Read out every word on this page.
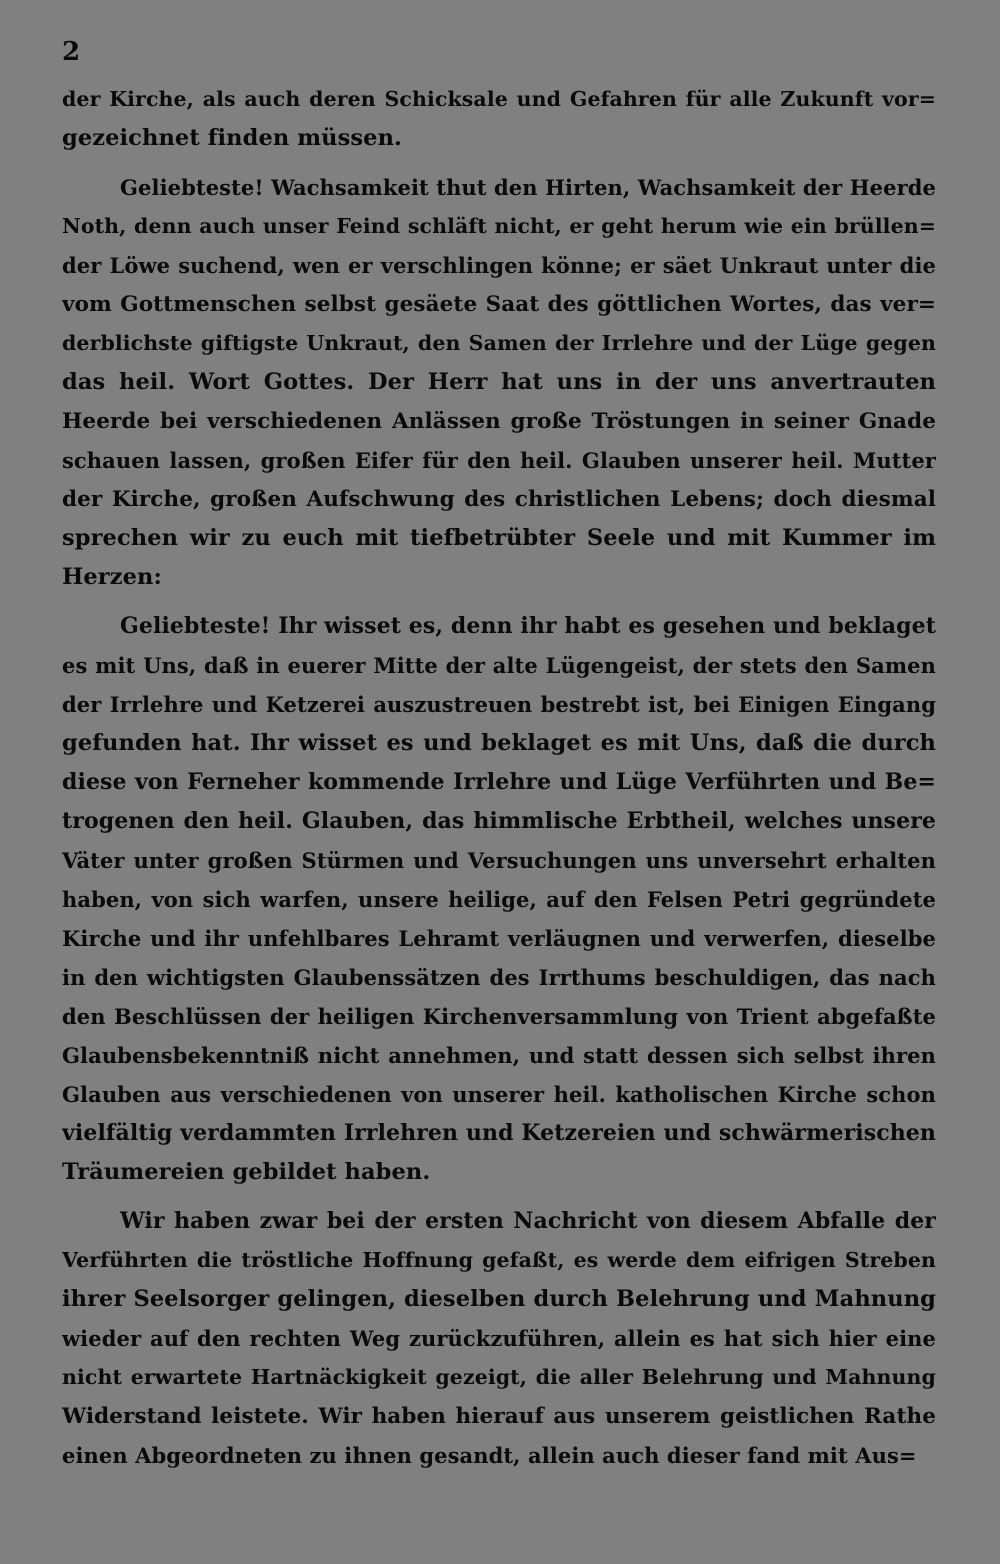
2
der Kirche, als auch deren Schicksale und Gefahren für alle Zukunft vor=
gezeichnet finden müssen.
Geliebteste! Wachsamkeit thut den Hirten, Wachsamkeit der Heerde
Noth, denn auch unser Feind schläft nicht, er geht herum wie ein brüllen=
der Löwe suchend, wen er verschlingen könne; er säet Unkraut unter die
vom Gottmenschen selbst gesäete Saat des göttlichen Wortes, das ver=
derblichste giftigste Unkraut, den Samen der Irrlehre und der Lüge gegen
das heil. Wort Gottes. Der Herr hat uns in der uns anvertrauten
Heerde bei verschiedenen Anlässen große Tröstungen in seiner Gnade
schauen lassen, großen Eifer für den heil. Glauben unserer heil. Mutter
der Kirche, großen Aufschwung des christlichen Lebens; doch diesmal
sprechen wir zu euch mit tiefbetrübter Seele und mit Kummer im
Herzen:
Geliebteste! Ihr wisset es, denn ihr habt es gesehen und beklaget
es mit Uns, daß in euerer Mitte der alte Lügengeist, der stets den Samen
der Irrlehre und Ketzerei auszustreuen bestrebt ist, bei Einigen Eingang
gefunden hat. Ihr wisset es und beklaget es mit Uns, daß die durch
diese von Ferneher kommende Irrlehre und Lüge Verführten und Be=
trogenen den heil. Glauben, das himmlische Erbtheil, welches unsere
Väter unter großen Stürmen und Versuchungen uns unversehrt erhalten
haben, von sich warfen, unsere heilige, auf den Felsen Petri gegründete
Kirche und ihr unfehlbares Lehramt verläugnen und verwerfen, dieselbe
in den wichtigsten Glaubenssätzen des Irrthums beschuldigen, das nach
den Beschlüssen der heiligen Kirchenversammlung von Trient abgefaßte
Glaubensbekenntniß nicht annehmen, und statt dessen sich selbst ihren
Glauben aus verschiedenen von unserer heil. katholischen Kirche schon
vielfältig verdammten Irrlehren und Ketzereien und schwärmerischen
Träumereien gebildet haben.
Wir haben zwar bei der ersten Nachricht von diesem Abfalle der
Verführten die tröstliche Hoffnung gefaßt, es werde dem eifrigen Streben
ihrer Seelsorger gelingen, dieselben durch Belehrung und Mahnung
wieder auf den rechten Weg zurückzuführen, allein es hat sich hier eine
nicht erwartete Hartnäckigkeit gezeigt, die aller Belehrung und Mahnung
Widerstand leistete. Wir haben hierauf aus unserem geistlichen Rathe
einen Abgeordneten zu ihnen gesandt, allein auch dieser fand mit Aus=
